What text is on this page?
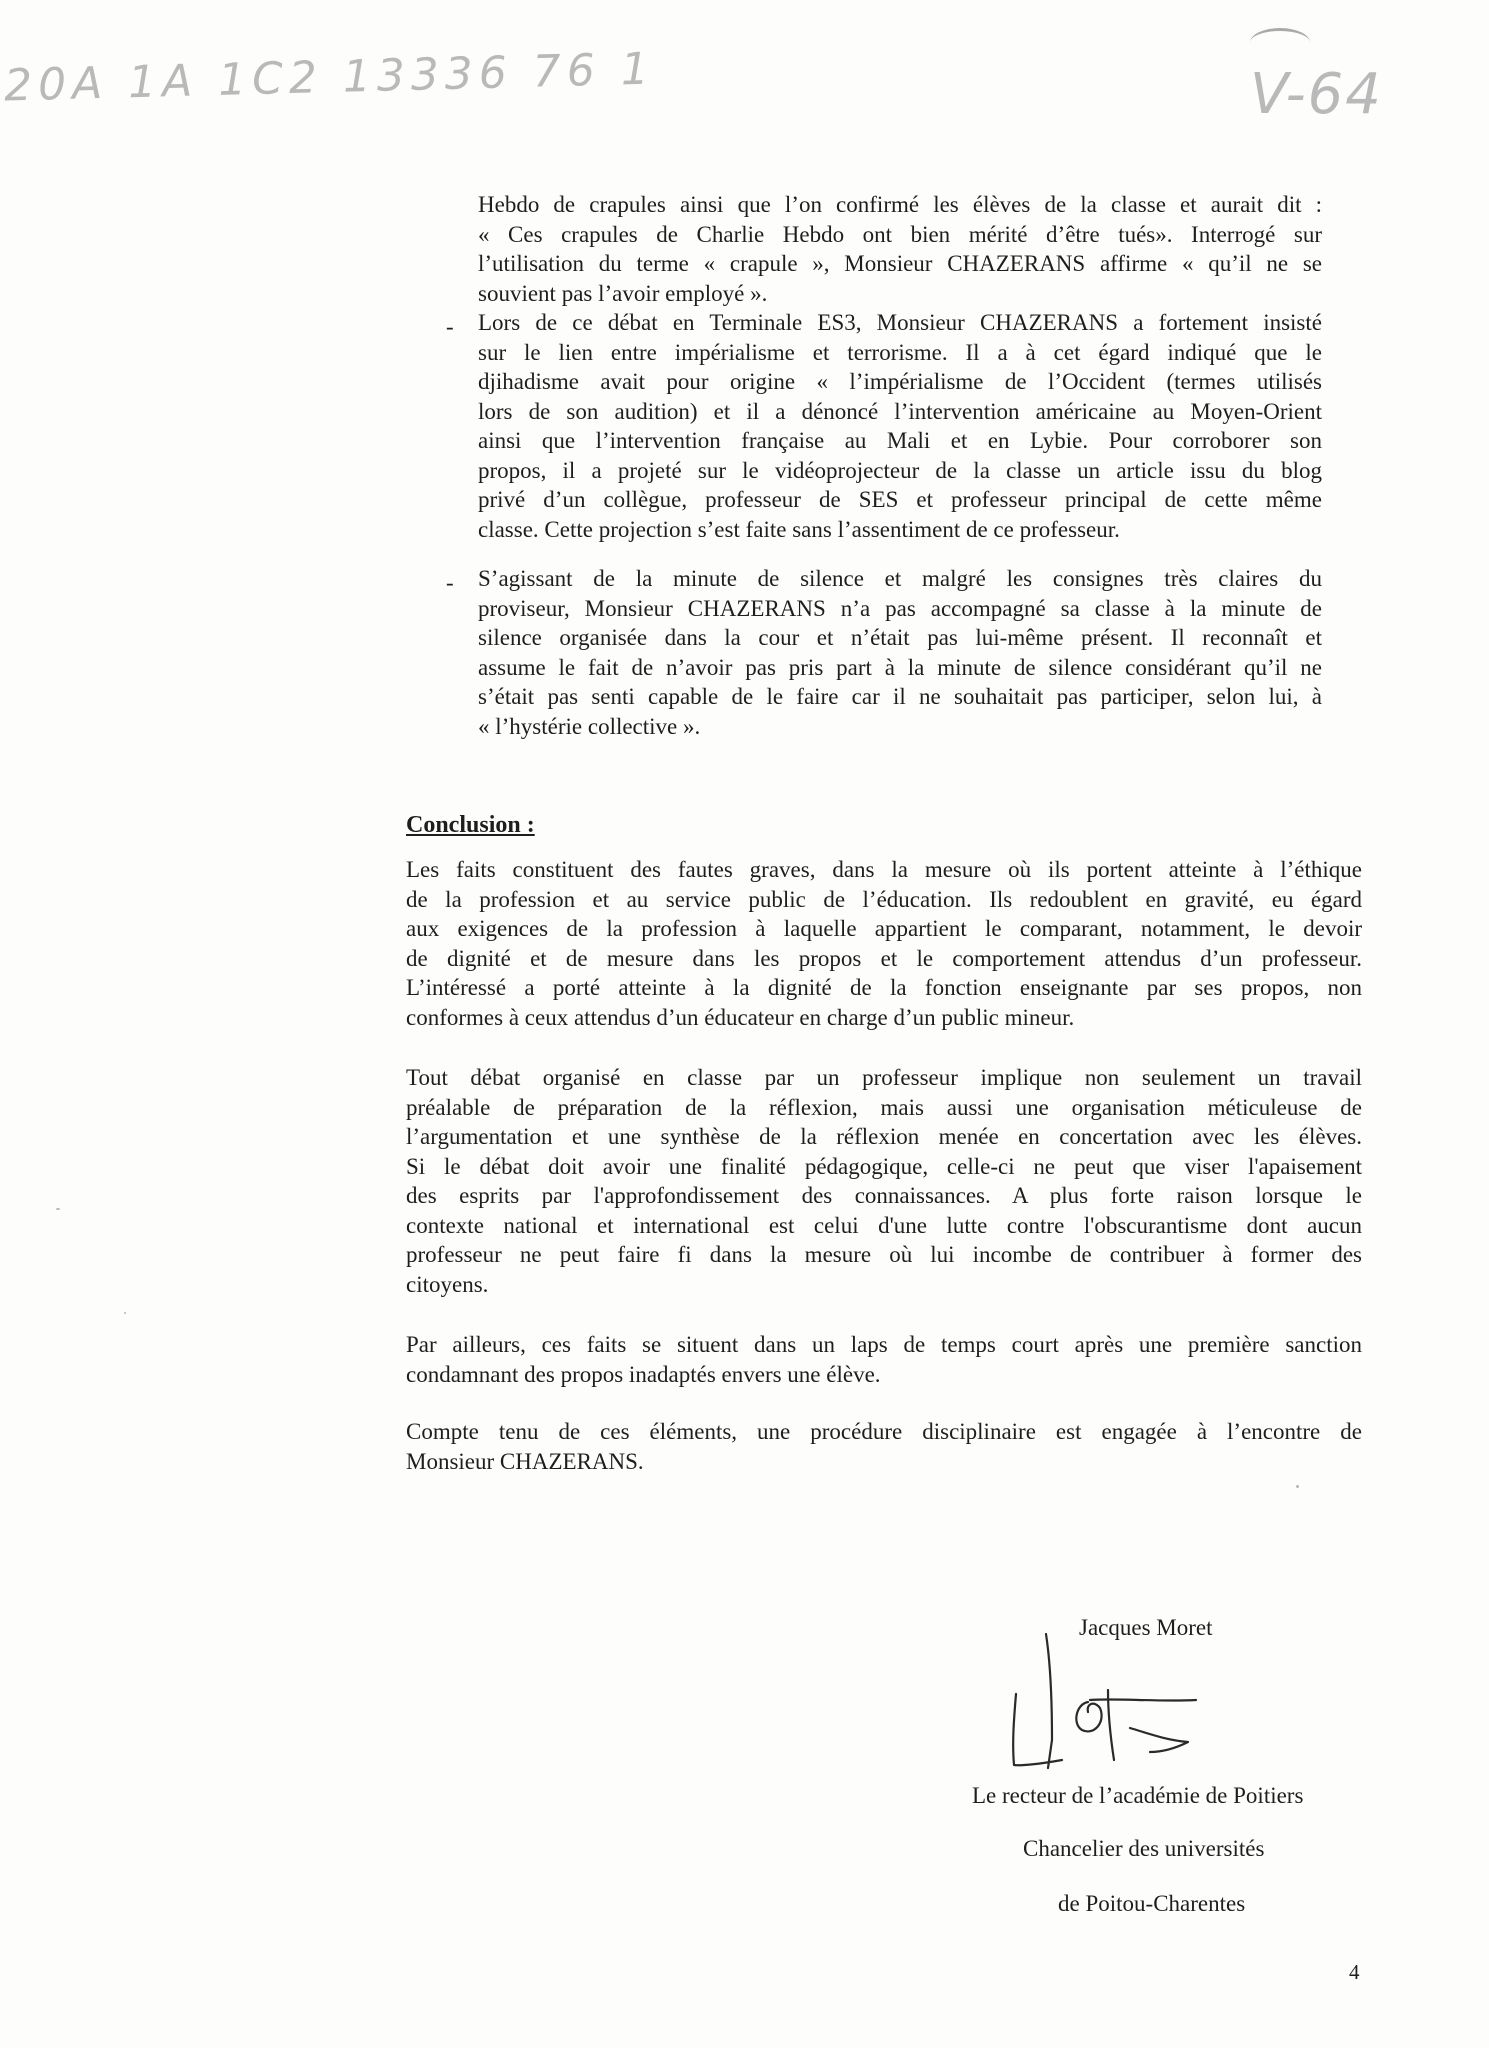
20A 1A 1C2 13336 76 1	V-64
Hebdo de crapules ainsi que l’on confirmé les élèves de la classe et aurait dit :
« Ces crapules de Charlie Hebdo ont bien mérité d’être tués». Interrogé sur
l’utilisation du terme « crapule », Monsieur CHAZERANS affirme « qu’il ne se
souvient pas l’avoir employé ».
- Lors de ce débat en Terminale ES3, Monsieur CHAZERANS a fortement insisté
sur le lien entre impérialisme et terrorisme. Il a à cet égard indiqué que le
djihadisme avait pour origine « l’impérialisme de l’Occident (termes utilisés
lors de son audition) et il a dénoncé l’intervention américaine au Moyen-Orient
ainsi que l’intervention française au Mali et en Lybie. Pour corroborer son
propos, il a projeté sur le vidéoprojecteur de la classe un article issu du blog
privé d’un collègue, professeur de SES et professeur principal de cette même
classe. Cette projection s’est faite sans l’assentiment de ce professeur.
- S’agissant de la minute de silence et malgré les consignes très claires du
proviseur, Monsieur CHAZERANS n’a pas accompagné sa classe à la minute de
silence organisée dans la cour et n’était pas lui-même présent. Il reconnaît et
assume le fait de n’avoir pas pris part à la minute de silence considérant qu’il ne
s’était pas senti capable de le faire car il ne souhaitait pas participer, selon lui, à
« l’hystérie collective ».
Conclusion :
Les faits constituent des fautes graves, dans la mesure où ils portent atteinte à l’éthique
de la profession et au service public de l’éducation. Ils redoublent en gravité, eu égard
aux exigences de la profession à laquelle appartient le comparant, notamment, le devoir
de dignité et de mesure dans les propos et le comportement attendus d’un professeur.
L’intéressé a porté atteinte à la dignité de la fonction enseignante par ses propos, non
conformes à ceux attendus d’un éducateur en charge d’un public mineur.
Tout débat organisé en classe par un professeur implique non seulement un travail
préalable de préparation de la réflexion, mais aussi une organisation méticuleuse de
l’argumentation et une synthèse de la réflexion menée en concertation avec les élèves.
Si le débat doit avoir une finalité pédagogique, celle-ci ne peut que viser l'apaisement
des esprits par l'approfondissement des connaissances. A plus forte raison lorsque le
contexte national et international est celui d'une lutte contre l'obscurantisme dont aucun
professeur ne peut faire fi dans la mesure où lui incombe de contribuer à former des
citoyens.
Par ailleurs, ces faits se situent dans un laps de temps court après une première sanction
condamnant des propos inadaptés envers une élève.
Compte tenu de ces éléments, une procédure disciplinaire est engagée à l’encontre de
Monsieur CHAZERANS.
Jacques Moret
Le recteur de l’académie de Poitiers
Chancelier des universités
de Poitou-Charentes
4
